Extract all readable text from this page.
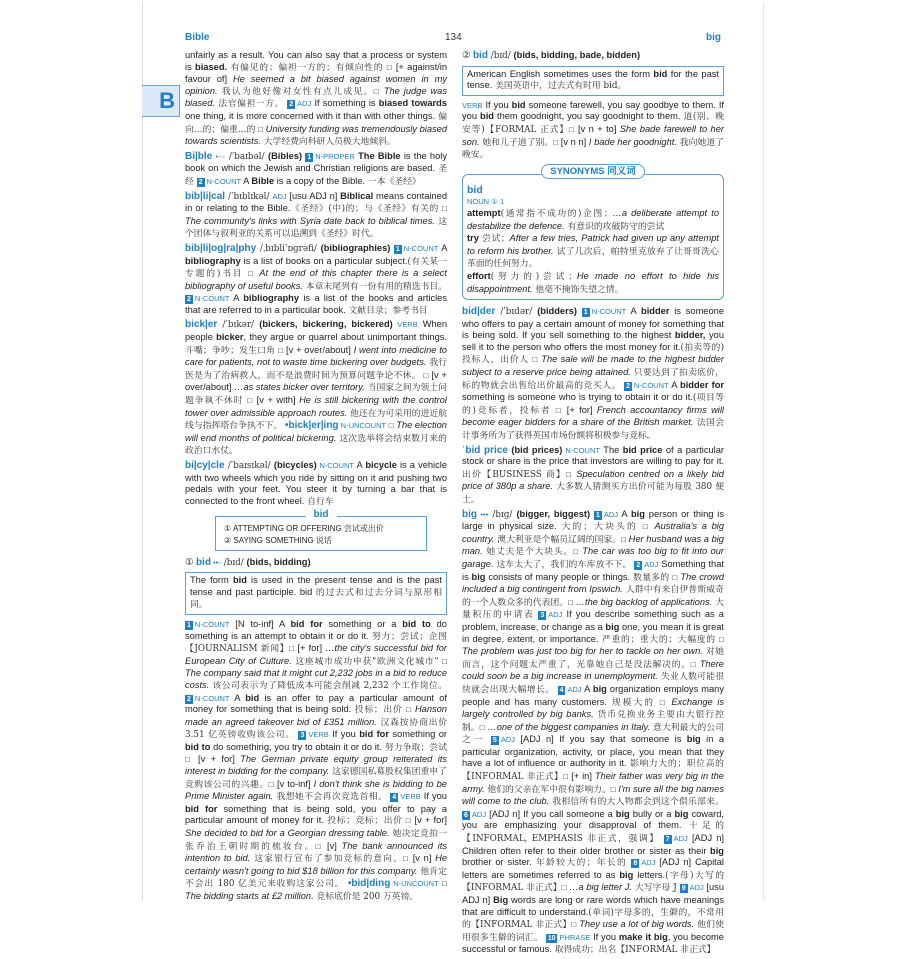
Bible	134	big
B
unfairly as a result. You can also say that a process or system is biased. 有偏见的；偏袒一方的；有倾向性的 □ [+ against/in favour of] He seemed a bit biased against women in my opinion. 我认为他好像对女性有点儿成见。□ The judge was biased. 法官偏袒一方。 2 ADJ If something is biased towards one thing, it is more concerned with it than with other things. 偏向…的；偏重…的 □ University funding was tremendously biased towards scientists. 大学经费向科研人员极大地倾斜。
Bi|ble •◦◦ /ˈbaɪbəl/ (Bibles) 1 N-PROPER The Bible is the holy book on which the Jewish and Christian religions are based. 圣经 2 N-COUNT A Bible is a copy of the Bible. 一本《圣经》
bib|li|cal /ˈbɪblɪkəl/ ADJ [usu ADJ n] Biblical means contained in or relating to the Bible.《圣经》(中)的；与《圣经》有关的 □ The community's links with Syria date back to biblical times. 这个团体与叙利亚的关系可以追溯到《圣经》时代。
bib|li|og|ra|phy /ˌbɪbliˈɒɡrəfi/ (bibliographies) 1 N-COUNT A bibliography is a list of books on a particular subject.(有关某一专题的)书目 □ At the end of this chapter there is a select bibliography of useful books. 本章末尾列有一份有用的精选书目。 2 N-COUNT A bibliography is a list of the books and articles that are referred to in a particular book. 文献目录；参考书目
bick|er /ˈbɪkər/ (bickers, bickering, bickered) VERB When people bicker, they argue or quarrel about unimportant things. 斗嘴；争吵；发生口角 □ [v + over/about] I went into medicine to care for patients, not to waste time bickering over budgets. 我行医是为了治病救人，而不是浪费时间为预算问题争论不休。 □ [v + over/about] …as states bicker over territory. 当国家之间为领土问题争執不休时 □ [v + with] He is still bickering with the control tower over admissible approach routes. 他还在为可采用的进近航线与指挥塔台争执不下。 •bick|er|ing N-UNCOUNT □ The election will end months of political bickering. 这次选举将会结束数月来的政治口水仗。
bi|cy|cle /ˈbaɪsɪkəl/ (bicycles) N-COUNT A bicycle is a vehicle with two wheels which you ride by sitting on it and pushing two pedals with your feet. You steer it by turning a bar that is connected to the front wheel. 自行车
bid
① ATTEMPTING OR OFFERING 尝试或出价
② SAYING SOMETHING 说话
① bid ••◦ /bɪd/ (bids, bidding)
The form bid is used in the present tense and is the past tense and past participle. bid 的过去式和过去分词与原形相同。
1 N-COUNT [N to-inf] A bid for something or a bid to do something is an attempt to obtain it or do it. 努力；尝试；企图【JOURNALISM 新闻】□ [+ for] …the city's successful bid for European City of Culture. 这座城市成功申获"欧洲文化城市" □ The company said that it might cut 2,232 jobs in a bid to reduce costs. 该公司表示为了降低成本可能会削减 2,232 个工作岗位。 2 N-COUNT A bid is an offer to pay a particular amount of money for something that is being sold. 投标；出价 □ Hanson made an agreed takeover bid of £351 million. 汉森按协商出价 3.51 亿英镑收购该公司。 3 VERB If you bid for something or bid to do something, you try to obtain it or do it. 努力争取；尝试 □ [v + for] The German private equity group reiterated its interest in bidding for the company. 这家德国私募股权集团重申了竞购该公司的兴趣。□ [v to-inf] I don't think she is bidding to be Prime Minister again. 我想她不会再次竞选首相。 4 VERB If you bid for something that is being sold, you offer to pay a particular amount of money for it. 投标；竞标；出价 □ [v + for] She decided to bid for a Georgian dressing table. 她决定竞拍一张乔治王朝时期的梳妆台。□ [v] The bank announced its intention to bid. 这家银行宣布了参加竞标的意向。□ [v n] He certainly wasn't going to bid $18 billion for this company. 他肯定不会出 180 亿美元来收购这家公司。 •bid|ding N-UNCOUNT □ The bidding starts at £2 million. 竞标底价是 200 万英镑。
② bid /bɪd/ (bids, bidding, bade, bidden)
American English sometimes uses the form bid for the past tense. 美国英语中，过去式有时用 bid。
VERB If you bid someone farewell, you say goodbye to them. If you bid them goodnight, you say goodnight to them. 道(别、晚安等)【FORMAL 正式】□ [v n + to] She bade farewell to her son. 她和儿子道了别。□ [v n n] I bade her goodnight. 我向她道了晚安。
SYNONYMS 同义词
bid
NOUN ① 1
attempt(通常指不成功的)企图；…a deliberate attempt to destabilize the defence. 有意识的攻破防守的尝试
try 尝试；After a few tries, Patrick had given up any attempt to reform his brother. 试了几次后，帕特里克放弃了让哥哥洗心革面的任何努力。
effort(努力的)尝试；He made no effort to hide his disappointment. 他毫不掩饰失望之情。
bid|der /ˈbɪdər/ (bidders) 1 N-COUNT A bidder is someone who offers to pay a certain amount of money for something that is being sold. If you sell something to the highest bidder, you sell it to the person who offers the most money for it.(拍卖等的)投标人，出价人 □ The sale will be made to the highest bidder subject to a reserve price being attained. 只要达到了拍卖底价，标的物就会出售给出价最高的竞买人。 2 N-COUNT A bidder for something is someone who is trying to obtain it or do it.(项目等的)竞标者，投标者 □ [+ for] French accountancy firms will become eager bidders for a share of the British market. 法国会计事务所为了获得英国市场份额将积极参与竞标。
ˈbid price (bid prices) N-COUNT The bid price of a particular stock or share is the price that investors are willing to pay for it. 出价【BUSINESS 商】□ Speculation centred on a likely bid price of 380p a share. 大多数人猜测买方出价可能为每股 380 便士。
big ••• /bɪɡ/ (bigger, biggest) 1 ADJ A big person or thing is large in physical size. 大的；大块头的 □ Australia's a big country. 澳大利亚是个幅员辽阔的国家。□ Her husband was a big man. 她丈夫是个大块头。□ The car was too big to fit into our garage. 这车太大了，我们的车库放不下。 2 ADJ Something that is big consists of many people or things. 数量多的 □ The crowd included a big contingent from Ipswich. 人群中有来自伊普斯威奇的一个人数众多的代表团。□ …the big backlog of applications. 大量积压的申请表 3 ADJ If you describe something such as a problem, increase, or change as a big one, you mean it is great in degree, extent, or importance. 严重的；重大的；大幅度的 □ The problem was just too big for her to tackle on her own. 对她而言，这个问题太严重了，光靠她自己是没法解决的。□ There could soon be a big increase in unemployment. 失业人数可能很快就会出现大幅增长。 4 ADJ A big organization employs many people and has many customers. 规模大的 □ Exchange is largely controlled by big banks. 货币兑换业务主要由大银行控制。□ …one of the biggest companies in Italy. 意大利最大的公司之一 5 ADJ [ADJ n] If you say that someone is big in a particular organization, activity, or place, you mean that they have a lot of influence or authority in it. 影响力大的；职位高的【INFORMAL 非正式】□ [+ in] Their father was very big in the army. 他们的父亲在军中很有影响力。□ I'm sure all the big names will come to the club. 我相信所有的大人物都会到这个俱乐部来。 6 ADJ [ADJ n] If you call someone a big bully or a big coward, you are emphasizing your disapproval of them. 十足的【INFORMAL, EMPHASIS 非正式，强调】 7 ADJ [ADJ n] Children often refer to their older brother or sister as their big brother or sister. 年龄较大的；年长的 8 ADJ [ADJ n] Capital letters are sometimes referred to as big letters.(字母)大写的【INFORMAL 非正式】□ …a big letter J. 大写字母 J 9 ADJ [usu ADJ n] Big words are long or rare words which have meanings that are difficult to understand.(单词)字母多的，生僻的，不常用的【INFORMAL 非正式】□ They use a lot of big words. 他们使用很多生僻的词汇。 10 PHRASE If you make it big, you become successful or famous. 取得成功；出名【INFORMAL 非正式】
